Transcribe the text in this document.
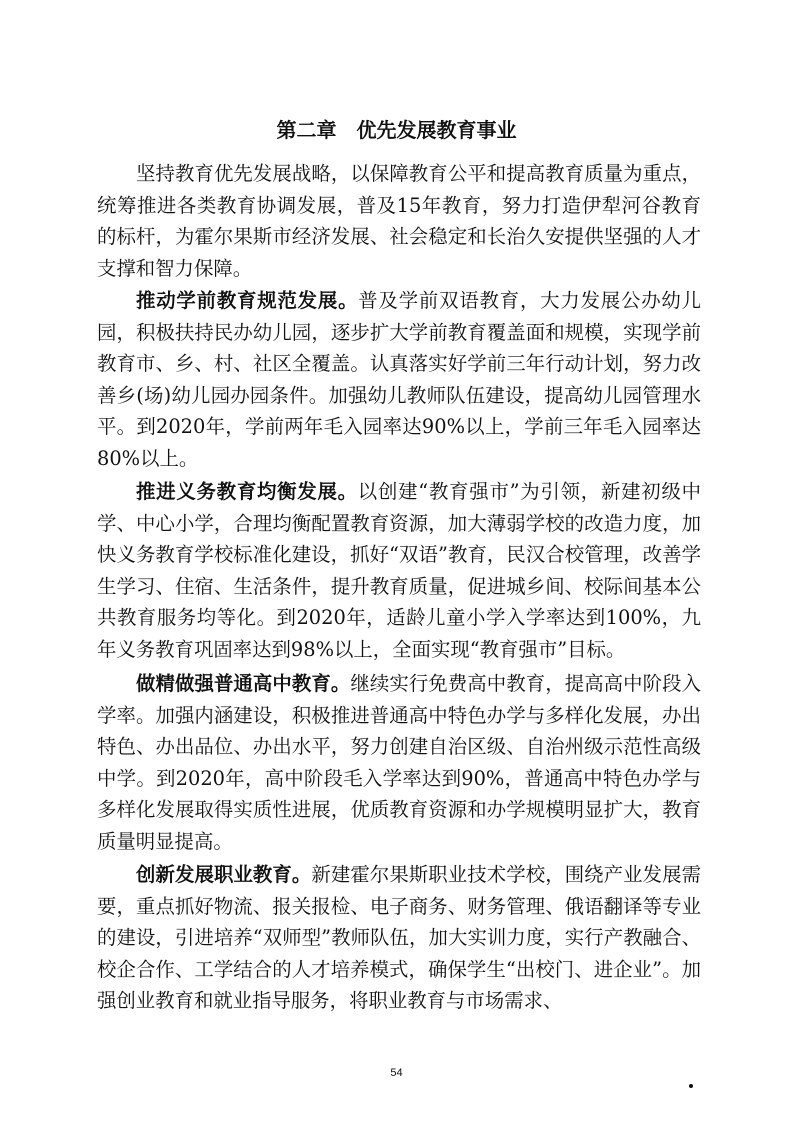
第二章　优先发展教育事业

坚持教育优先发展战略，以保障教育公平和提高教育质量为重点，统筹推进各类教育协调发展，普及15年教育，努力打造伊犁河谷教育的标杆，为霍尔果斯市经济发展、社会稳定和长治久安提供坚强的人才支撑和智力保障。

推动学前教育规范发展。普及学前双语教育，大力发展公办幼儿园，积极扶持民办幼儿园，逐步扩大学前教育覆盖面和规模，实现学前教育市、乡、村、社区全覆盖。认真落实好学前三年行动计划，努力改善乡(场)幼儿园办园条件。加强幼儿教师队伍建设，提高幼儿园管理水平。到2020年，学前两年毛入园率达90%以上，学前三年毛入园率达80%以上。

推进义务教育均衡发展。以创建“教育强市”为引领，新建初级中学、中心小学，合理均衡配置教育资源，加大薄弱学校的改造力度，加快义务教育学校标准化建设，抓好“双语”教育，民汉合校管理，改善学生学习、住宿、生活条件，提升教育质量，促进城乡间、校际间基本公共教育服务均等化。到2020年，适龄儿童小学入学率达到100%，九年义务教育巩固率达到98%以上，全面实现“教育强市”目标。

做精做强普通高中教育。继续实行免费高中教育，提高高中阶段入学率。加强内涵建设，积极推进普通高中特色办学与多样化发展，办出特色、办出品位、办出水平，努力创建自治区级、自治州级示范性高级中学。到2020年，高中阶段毛入学率达到90%，普通高中特色办学与多样化发展取得实质性进展，优质教育资源和办学规模明显扩大，教育质量明显提高。

创新发展职业教育。新建霍尔果斯职业技术学校，围绕产业发展需要，重点抓好物流、报关报检、电子商务、财务管理、俄语翻译等专业的建设，引进培养“双师型”教师队伍，加大实训力度，实行产教融合、校企合作、工学结合的人才培养模式，确保学生“出校门、进企业”。加强创业教育和就业指导服务，将职业教育与市场需求、

54
